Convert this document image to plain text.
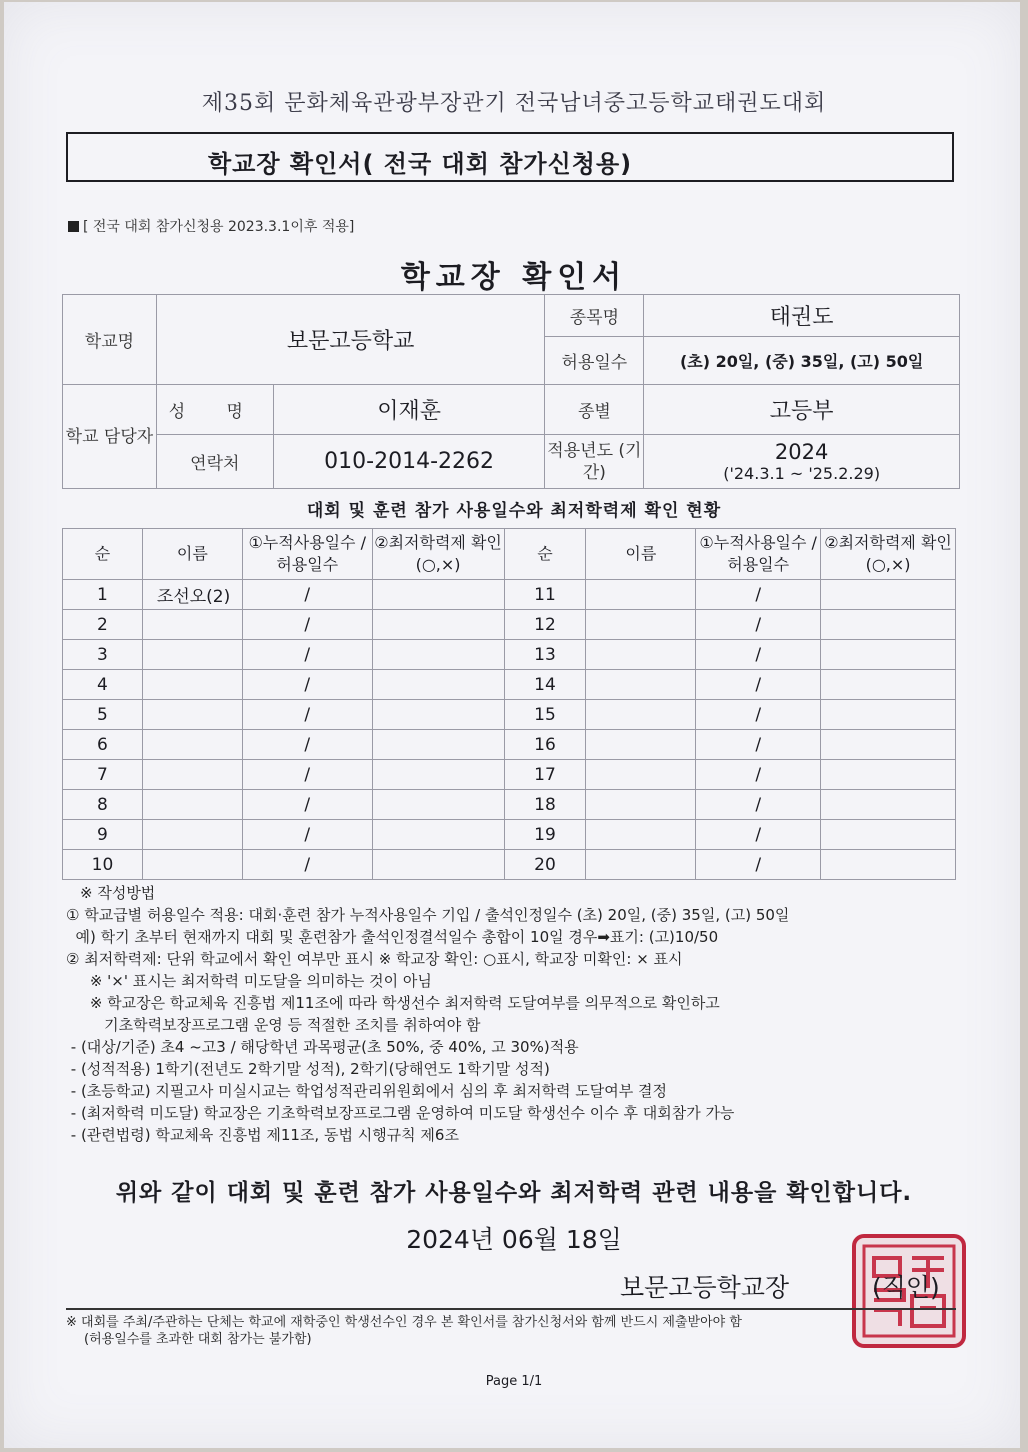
제35회 문화체육관광부장관기 전국남녀중고등학교태권도대회
학교장 확인서( 전국 대회 참가신청용)
[ 전국 대회 참가신청용 2023.3.1이후 적용]
학교장 확인서
학교명	보문고등학교		종목명	태권도
			허용일수	(초) 20일, (중) 35일, (고) 50일
학교 담당자	성 명	이재훈	종별	고등부
	연락처	010-2014-2262	적용년도 (기간)	2024
('24.3.1 ~ '25.2.29)
대회 및 훈련 참가 사용일수와 최저학력제 확인 현황
순	이름	①누적사용일수 /허용일수	②최저학력제 확인(○,×)	순	이름	①누적사용일수 /허용일수	②최저학력제 확인(○,×)
1	조선오(2)	/		11		/	
2		/		12		/	
3		/		13		/	
4		/		14		/	
5		/		15		/	
6		/		16		/	
7		/		17		/	
8		/		18		/	
9		/		19		/	
10		/		20		/	
※ 작성방법
① 학교급별 허용일수 적용: 대회·훈련 참가 누적사용일수 기입 / 출석인정일수 (초) 20일, (중) 35일, (고) 50일
예) 학기 초부터 현재까지 대회 및 훈련참가 출석인정결석일수 총합이 10일 경우➡표기: (고)10/50
② 최저학력제: 단위 학교에서 확인 여부만 표시 ※ 학교장 확인: ○표시, 학교장 미확인: × 표시
※ '×' 표시는 최저학력 미도달을 의미하는 것이 아님
※ 학교장은 학교체육 진흥법 제11조에 따라 학생선수 최저학력 도달여부를 의무적으로 확인하고
기초학력보장프로그램 운영 등 적절한 조치를 취하여야 함
- (대상/기준) 초4 ~고3 / 해당학년 과목평균(초 50%, 중 40%, 고 30%)적용
- (성적적용) 1학기(전년도 2학기말 성적), 2학기(당해연도 1학기말 성적)
- (초등학교) 지필고사 미실시교는 학업성적관리위원회에서 심의 후 최저학력 도달여부 결정
- (최저학력 미도달) 학교장은 기초학력보장프로그램 운영하여 미도달 학생선수 이수 후 대회참가 가능
- (관련법령) 학교체육 진흥법 제11조, 동법 시행규칙 제6조
위와 같이 대회 및 훈련 참가 사용일수와 최저학력 관련 내용을 확인합니다.
2024년 06월 18일
보문고등학교장	(직인)
※ 대회를 주최/주관하는 단체는 학교에 재학중인 학생선수인 경우 본 확인서를 참가신청서와 함께 반드시 제출받아야 함
(허용일수를 초과한 대회 참가는 불가함)
Page 1/1
